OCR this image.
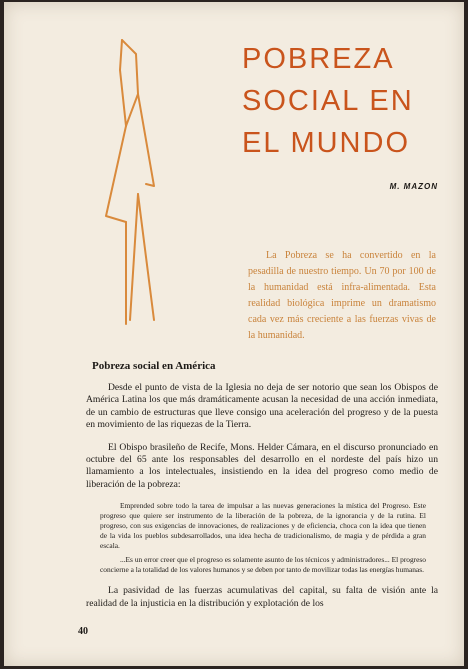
POBREZA
SOCIAL EN
EL MUNDO
M. MAZON

La Pobreza se ha convertido en la pesadilla de nuestro tiempo. Un 70 por 100 de la humanidad está infra-alimentada. Esta realidad biológica imprime un dramatismo cada vez más creciente a las fuerzas vivas de la humanidad.

Pobreza social en América

Desde el punto de vista de la Iglesia no deja de ser notorio que sean los Obispos de América Latina los que más dramáticamente acusan la necesidad de una acción inmediata, de un cambio de estructuras que lleve consigo una aceleración del progreso y de la puesta en movimiento de las riquezas de la Tierra.

El Obispo brasileño de Recife, Mons. Helder Cámara, en el discurso pronunciado en octubre del 65 ante los responsables del desarrollo en el nordeste del país hizo un llamamiento a los intelectuales, insistiendo en la idea del progreso como medio de liberación de la pobreza:

Emprended sobre todo la tarea de impulsar a las nuevas generaciones la mística del Progreso. Este progreso que quiere ser instrumento de la liberación de la pobreza, de la ignorancia y de la rutina. El progreso, con sus exigencias de innovaciones, de realizaciones y de eficiencia, choca con la idea que tienen de la vida los pueblos subdesarrollados, una idea hecha de tradicionalismo, de magia y de pérdida a gran escala.

...Es un error creer que el progreso es solamente asunto de los técnicos y administradores... El progreso concierne a la totalidad de los valores humanos y se deben por tanto de movilizar todas las energías humanas.

La pasividad de las fuerzas acumulativas del capital, su falta de visión ante la realidad de la injusticia en la distribución y explotación de los

40
